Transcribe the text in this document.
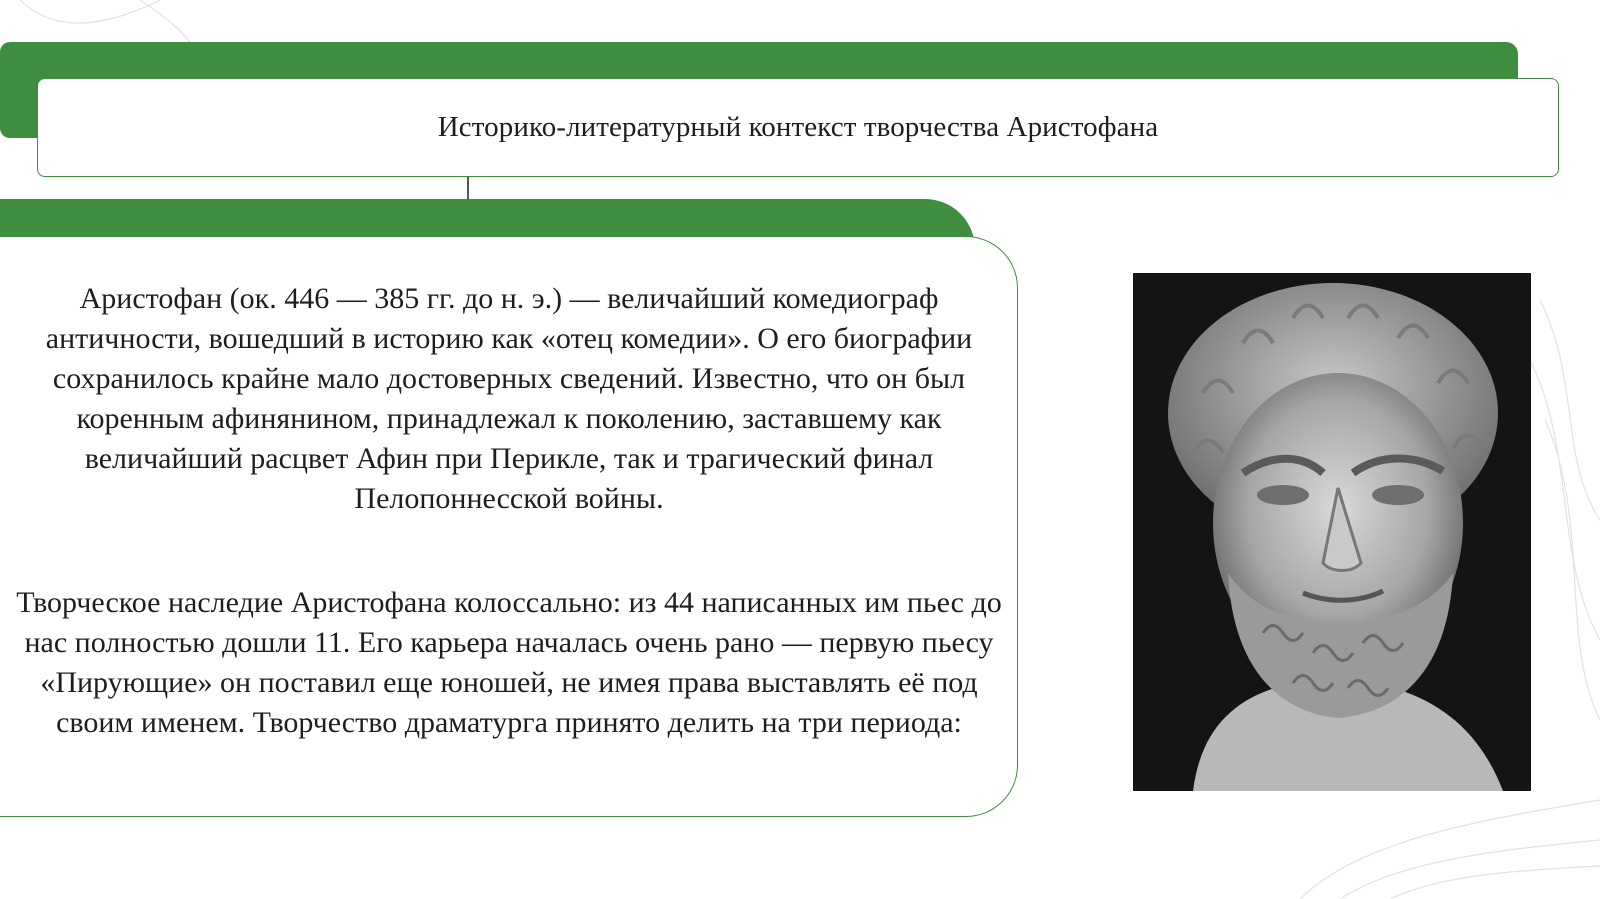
Историко-литературный контекст творчества Аристофана

Аристофан (ок. 446 — 385 гг. до н. э.) — величайший комедиограф античности, вошедший в историю как «отец комедии». О его биографии сохранилось крайне мало достоверных сведений. Известно, что он был коренным афинянином, принадлежал к поколению, заставшему как величайший расцвет Афин при Перикле, так и трагический финал Пелопоннесской войны.

Творческое наследие Аристофана колоссально: из 44 написанных им пьес до нас полностью дошли 11. Его карьера началась очень рано — первую пьесу «Пирующие» он поставил еще юношей, не имея права выставлять её под своим именем. Творчество драматурга принято делить на три периода:
